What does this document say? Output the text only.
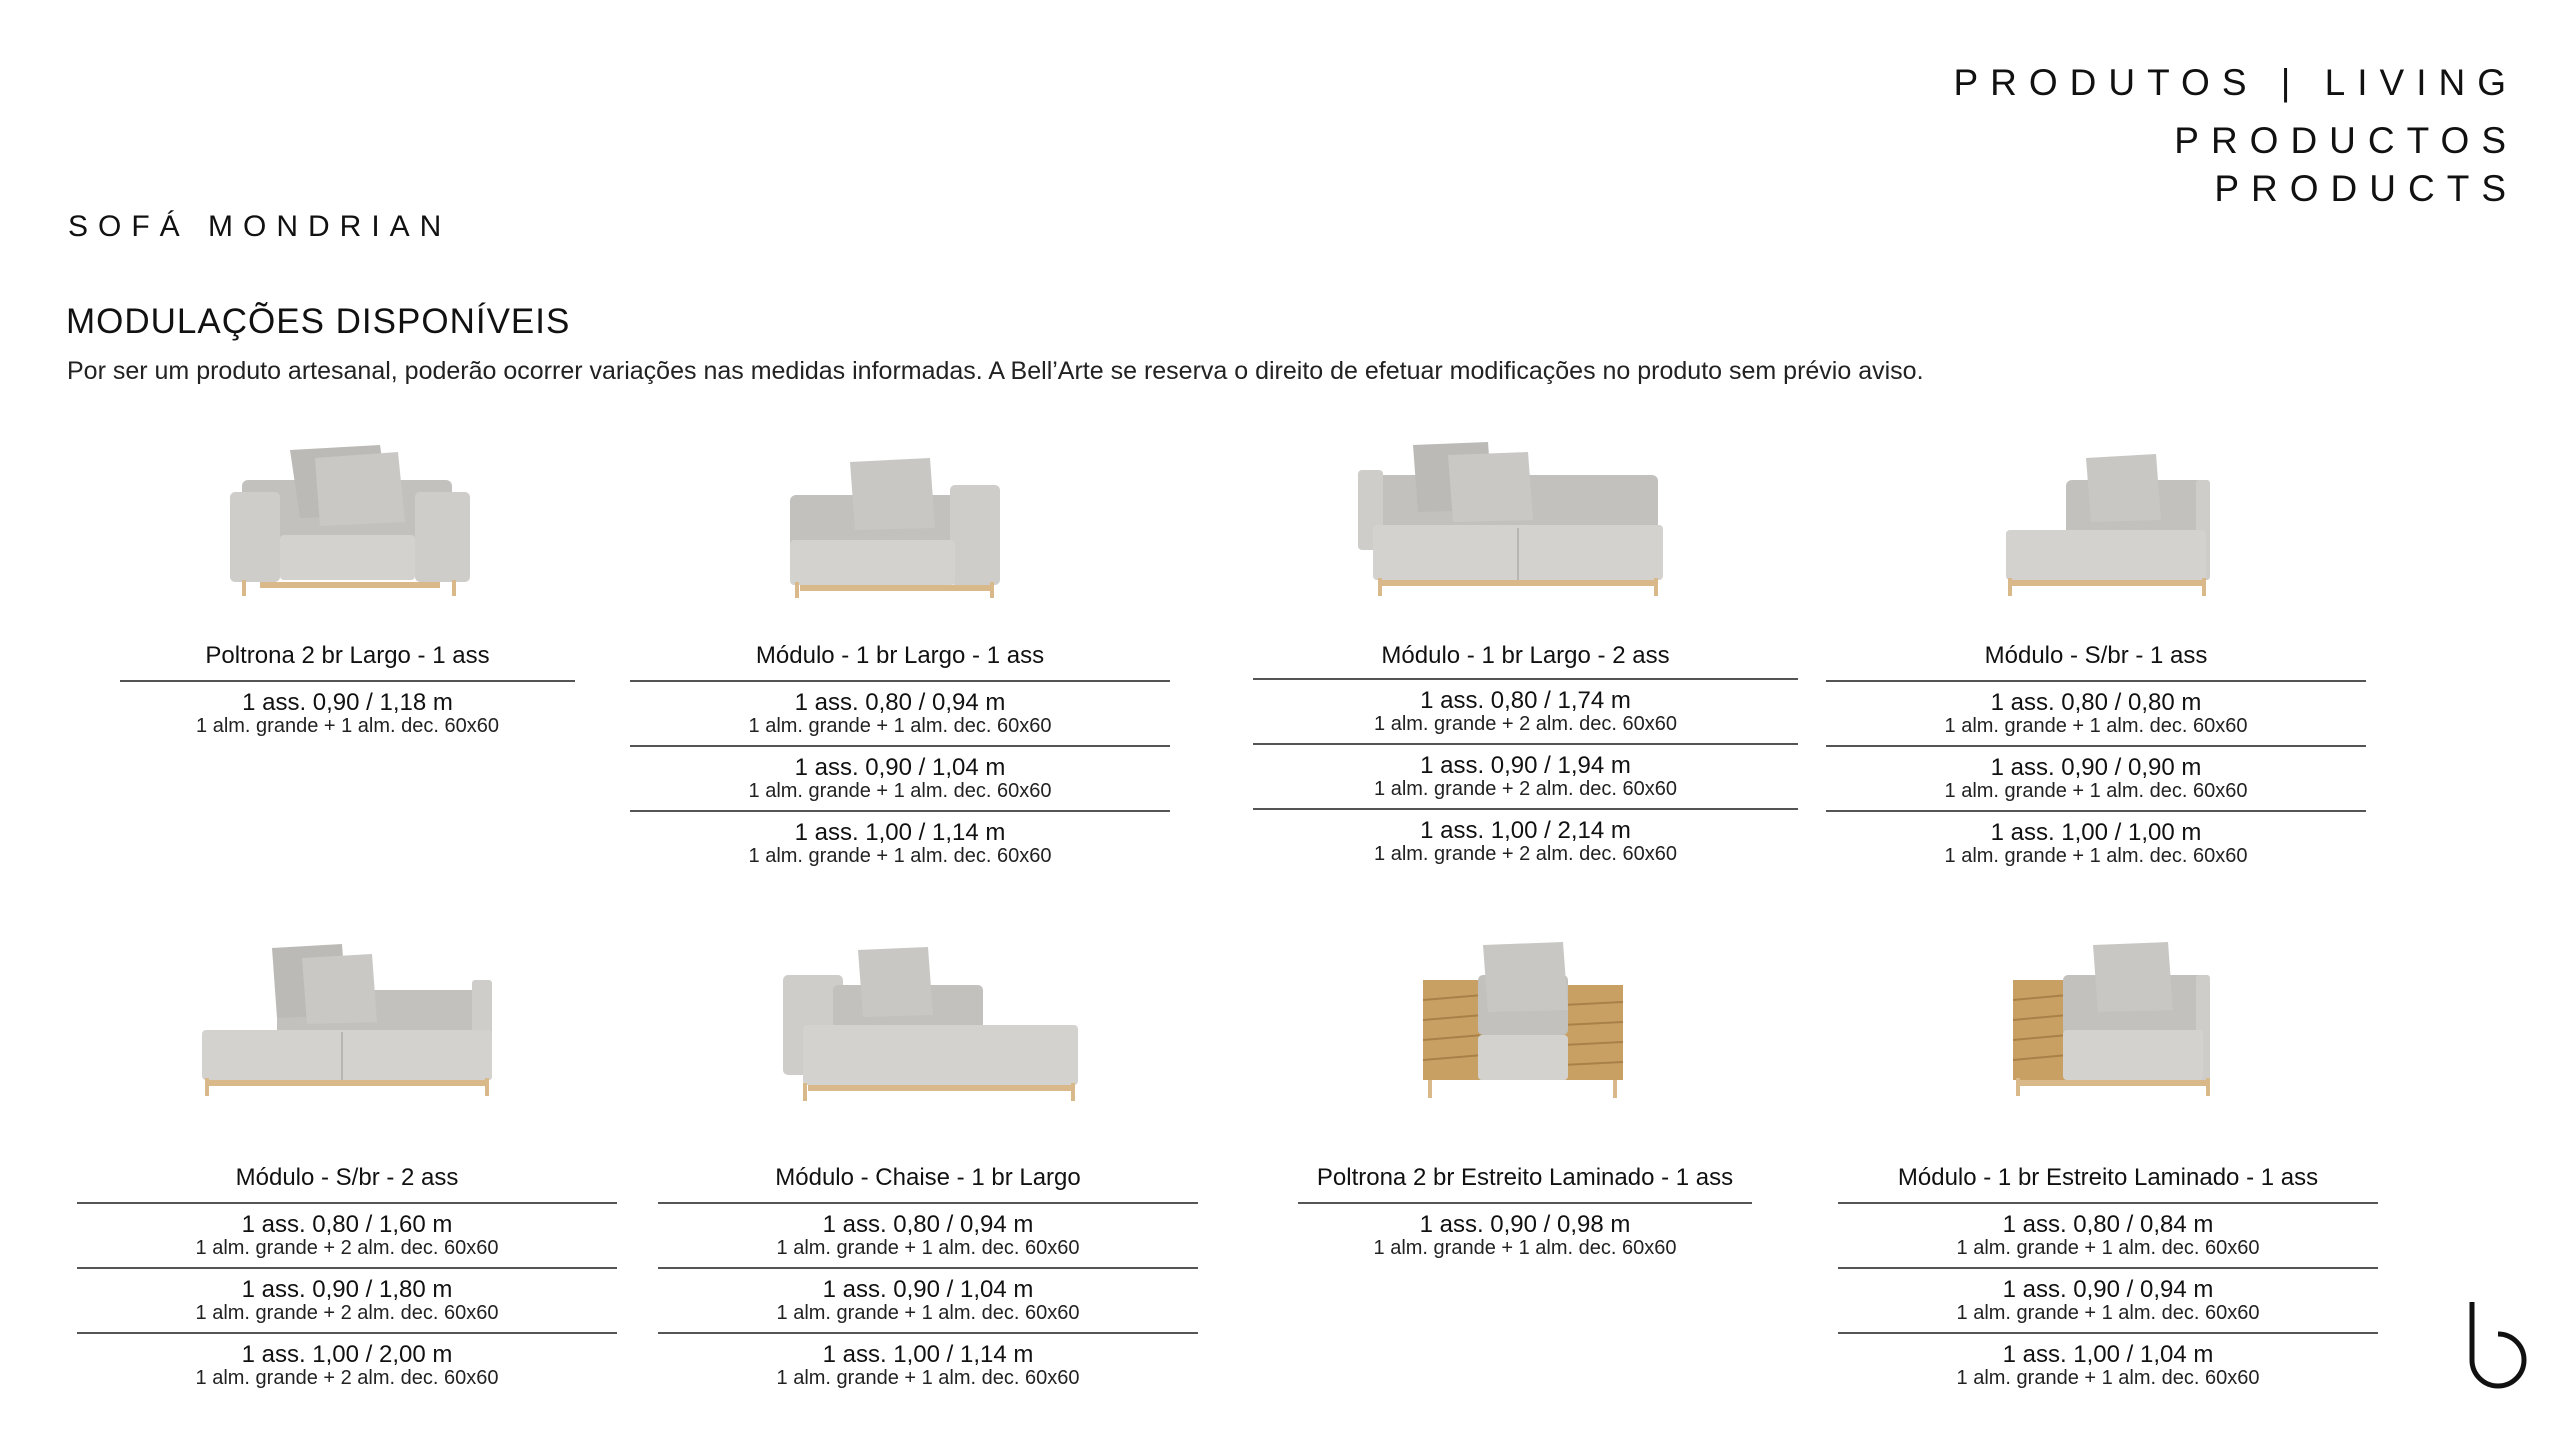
PRODUTOS | LIVING
PRODUCTOS
PRODUCTS
SOFÁ MONDRIAN
MODULAÇÕES DISPONÍVEIS
Por ser um produto artesanal, poderão ocorrer variações nas medidas informadas. A Bell’Arte se reserva o direito de efetuar modificações no produto sem prévio aviso.
Poltrona 2 br Largo - 1 ass
1 ass. 0,90 / 1,18 m
1 alm. grande + 1 alm. dec. 60x60
Módulo - 1 br Largo - 1 ass
1 ass. 0,80 / 0,94 m
1 alm. grande + 1 alm. dec. 60x60
1 ass. 0,90 / 1,04 m
1 alm. grande + 1 alm. dec. 60x60
1 ass. 1,00 / 1,14 m
1 alm. grande + 1 alm. dec. 60x60
Módulo - 1 br Largo - 2 ass
1 ass. 0,80 / 1,74 m
1 alm. grande + 2 alm. dec. 60x60
1 ass. 0,90 / 1,94 m
1 alm. grande + 2 alm. dec. 60x60
1 ass. 1,00 / 2,14 m
1 alm. grande + 2 alm. dec. 60x60
Módulo - S/br - 1 ass
1 ass. 0,80 / 0,80 m
1 alm. grande + 1 alm. dec. 60x60
1 ass. 0,90 / 0,90 m
1 alm. grande + 1 alm. dec. 60x60
1 ass. 1,00 / 1,00 m
1 alm. grande + 1 alm. dec. 60x60
Módulo - S/br - 2 ass
1 ass. 0,80 / 1,60 m
1 alm. grande + 2 alm. dec. 60x60
1 ass. 0,90 / 1,80 m
1 alm. grande + 2 alm. dec. 60x60
1 ass. 1,00 / 2,00 m
1 alm. grande + 2 alm. dec. 60x60
Módulo - Chaise - 1 br Largo
1 ass. 0,80 / 0,94 m
1 alm. grande + 1 alm. dec. 60x60
1 ass. 0,90 / 1,04 m
1 alm. grande + 1 alm. dec. 60x60
1 ass. 1,00 / 1,14 m
1 alm. grande + 1 alm. dec. 60x60
Poltrona 2 br Estreito Laminado - 1 ass
1 ass. 0,90 / 0,98 m
1 alm. grande + 1 alm. dec. 60x60
Módulo - 1 br Estreito Laminado - 1 ass
1 ass. 0,80 / 0,84 m
1 alm. grande + 1 alm. dec. 60x60
1 ass. 0,90 / 0,94 m
1 alm. grande + 1 alm. dec. 60x60
1 ass. 1,00 / 1,04 m
1 alm. grande + 1 alm. dec. 60x60
